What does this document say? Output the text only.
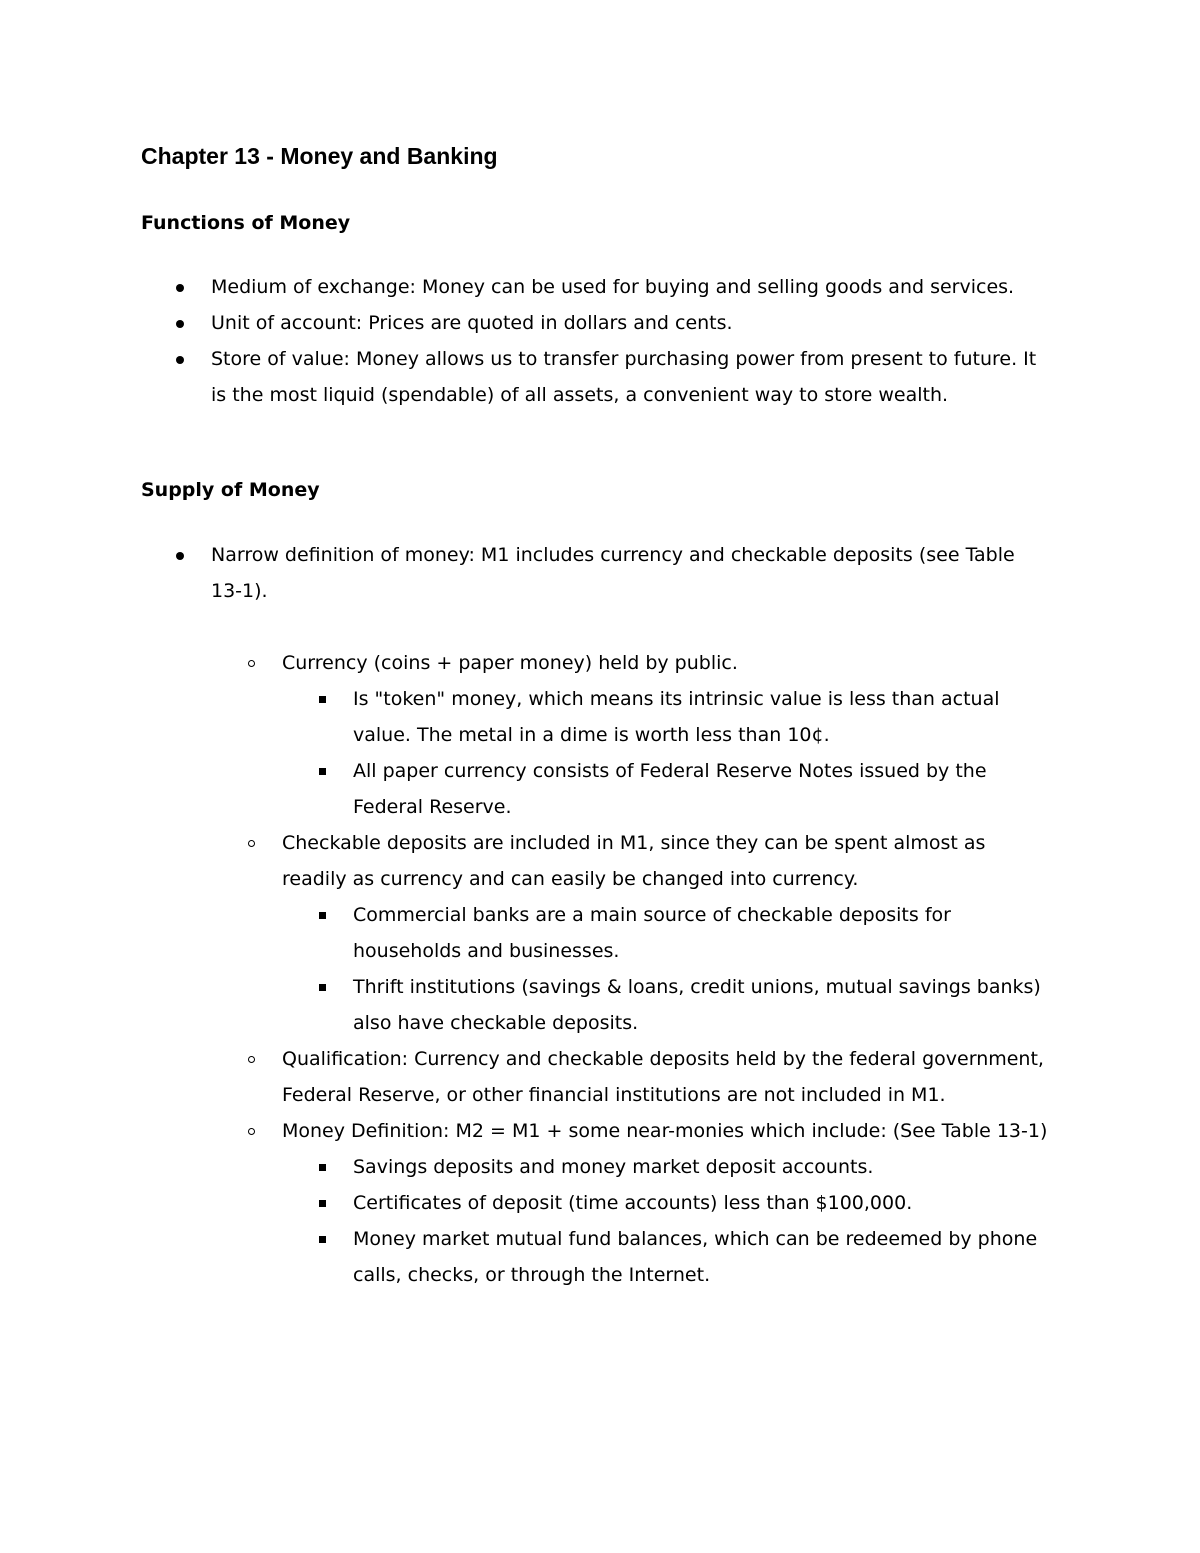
Chapter 13 - Money and Banking
Functions of Money
Medium of exchange: Money can be used for buying and selling goods and services.
Unit of account: Prices are quoted in dollars and cents.
Store of value: Money allows us to transfer purchasing power from present to future. It is the most liquid (spendable) of all assets, a convenient way to store wealth.
Supply of Money
Narrow definition of money: M1 includes currency and checkable deposits (see Table 13-1).
Currency (coins + paper money) held by public.
Is "token" money, which means its intrinsic value is less than actual value. The metal in a dime is worth less than 10¢.
All paper currency consists of Federal Reserve Notes issued by the Federal Reserve.
Checkable deposits are included in M1, since they can be spent almost as readily as currency and can easily be changed into currency.
Commercial banks are a main source of checkable deposits for households and businesses.
Thrift institutions (savings & loans, credit unions, mutual savings banks) also have checkable deposits.
Qualification: Currency and checkable deposits held by the federal government, Federal Reserve, or other financial institutions are not included in M1.
Money Definition: M2 = M1 + some near-monies which include: (See Table 13-1)
Savings deposits and money market deposit accounts.
Certificates of deposit (time accounts) less than $100,000.
Money market mutual fund balances, which can be redeemed by phone calls, checks, or through the Internet.
